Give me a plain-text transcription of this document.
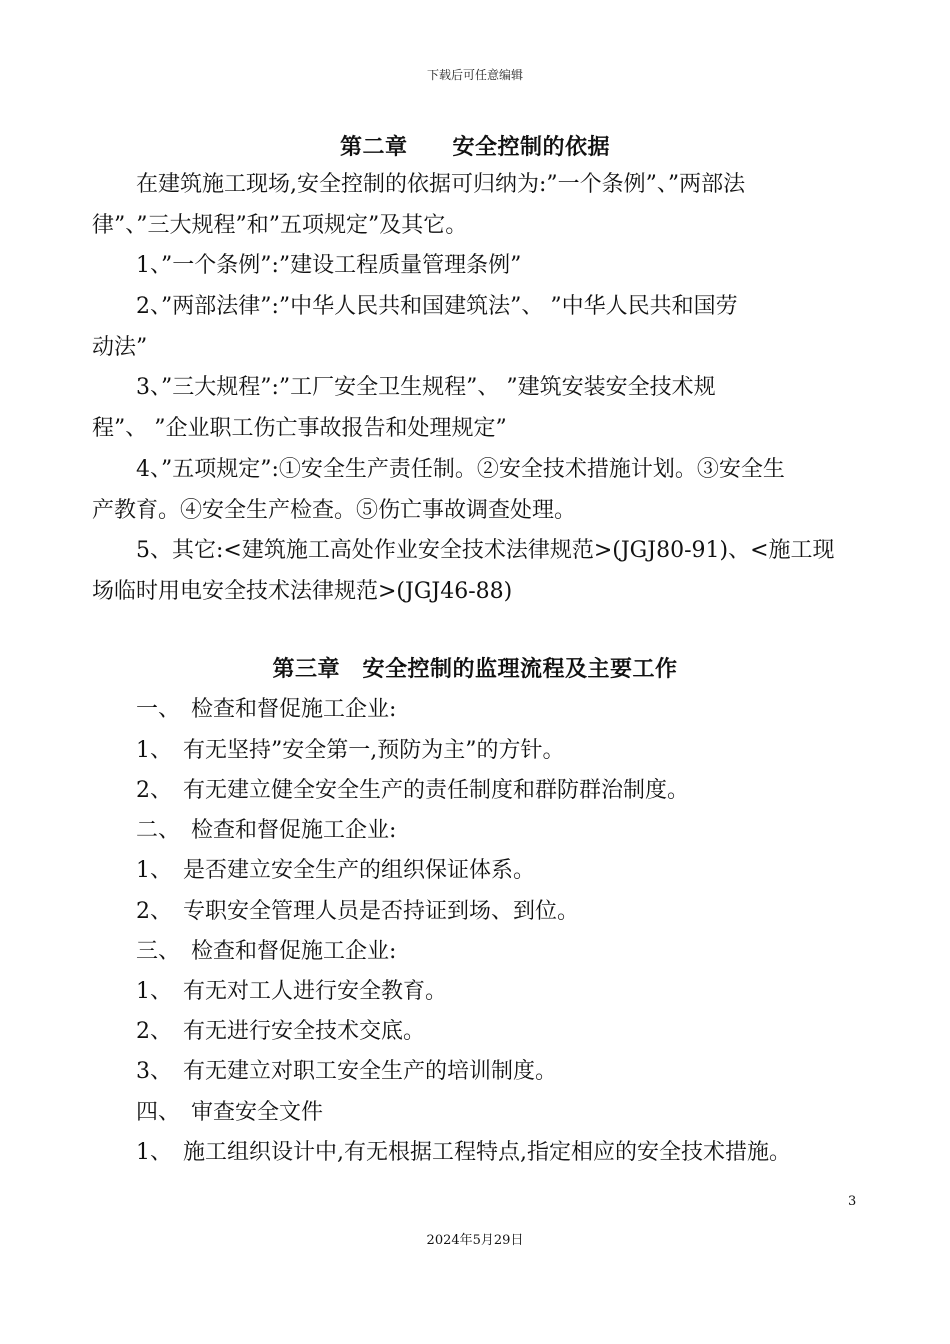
下载后可任意编辑
第二章　　安全控制的依据
在建筑施工现场,安全控制的依据可归纳为:”一个条例”、”两部法
律”、”三大规程”和”五项规定”及其它。
1、”一个条例”:”建设工程质量管理条例”
2、”两部法律”:”中华人民共和国建筑法”、 ”中华人民共和国劳
动法”
3、”三大规程”:”工厂安全卫生规程”、 ”建筑安装安全技术规
程”、 ”企业职工伤亡事故报告和处理规定”
4、”五项规定”:①安全生产责任制。②安全技术措施计划。③安全生
产教育。④安全生产检查。⑤伤亡事故调查处理。
5、其它:<建筑施工高处作业安全技术法律规范>(JGJ80-91)、<施工现
场临时用电安全技术法律规范>(JGJ46-88)
第三章　安全控制的监理流程及主要工作
一、　检查和督促施工企业:
1、　有无坚持”安全第一,预防为主”的方针。
2、　有无建立健全安全生产的责任制度和群防群治制度。
二、　检查和督促施工企业:
1、　是否建立安全生产的组织保证体系。
2、　专职安全管理人员是否持证到场、到位。
三、　检查和督促施工企业:
1、　有无对工人进行安全教育。
2、　有无进行安全技术交底。
3、　有无建立对职工安全生产的培训制度。
四、　审查安全文件
1、　施工组织设计中,有无根据工程特点,指定相应的安全技术措施。
3
2024年5月29日
